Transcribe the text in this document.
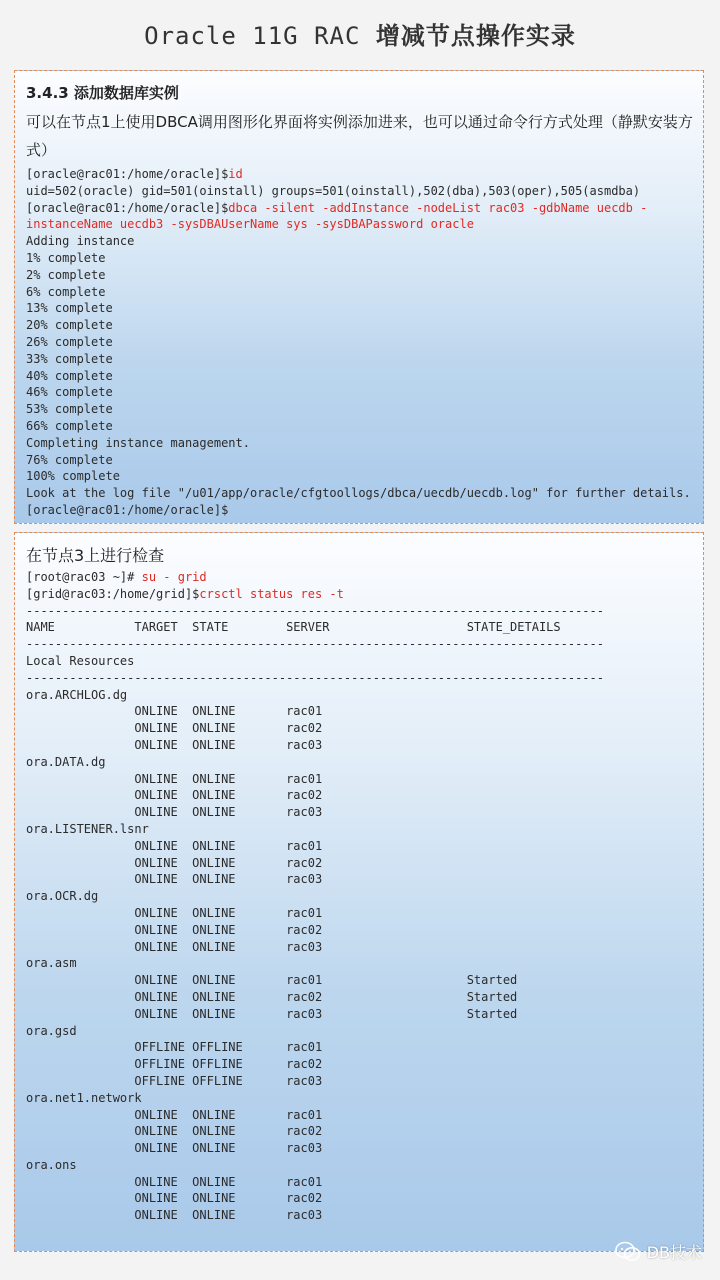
Oracle 11G RAC 增减节点操作实录
3.4.3 添加数据库实例
可以在节点1上使用DBCA调用图形化界面将实例添加进来，也可以通过命令行方式处理（静默安装方式）
[oracle@rac01:/home/oracle]$id
uid=502(oracle) gid=501(oinstall) groups=501(oinstall),502(dba),503(oper),505(asmdba)
[oracle@rac01:/home/oracle]$dbca -silent -addInstance -nodeList rac03 -gdbName uecdb -
instanceName uecdb3 -sysDBAUserName sys -sysDBAPassword oracle
Adding instance
1% complete
2% complete
6% complete
13% complete
20% complete
26% complete
33% complete
40% complete
46% complete
53% complete
66% complete
Completing instance management.
76% complete
100% complete
Look at the log file "/u01/app/oracle/cfgtoollogs/dbca/uecdb/uecdb.log" for further details.
[oracle@rac01:/home/oracle]$
在节点3上进行检查
[root@rac03 ~]# su - grid
[grid@rac03:/home/grid]$crsctl status res -t
--------------------------------------------------------------------------------
NAME           TARGET  STATE        SERVER                   STATE_DETAILS
--------------------------------------------------------------------------------
Local Resources
--------------------------------------------------------------------------------
ora.ARCHLOG.dg
ONLINE  ONLINE       rac01
ONLINE  ONLINE       rac02
ONLINE  ONLINE       rac03
ora.DATA.dg
ONLINE  ONLINE       rac01
ONLINE  ONLINE       rac02
ONLINE  ONLINE       rac03
ora.LISTENER.lsnr
ONLINE  ONLINE       rac01
ONLINE  ONLINE       rac02
ONLINE  ONLINE       rac03
ora.OCR.dg
ONLINE  ONLINE       rac01
ONLINE  ONLINE       rac02
ONLINE  ONLINE       rac03
ora.asm
ONLINE  ONLINE       rac01                    Started
ONLINE  ONLINE       rac02                    Started
ONLINE  ONLINE       rac03                    Started
ora.gsd
OFFLINE OFFLINE      rac01
OFFLINE OFFLINE      rac02
OFFLINE OFFLINE      rac03
ora.net1.network
ONLINE  ONLINE       rac01
ONLINE  ONLINE       rac02
ONLINE  ONLINE       rac03
ora.ons
ONLINE  ONLINE       rac01
ONLINE  ONLINE       rac02
ONLINE  ONLINE       rac03
DB技术
